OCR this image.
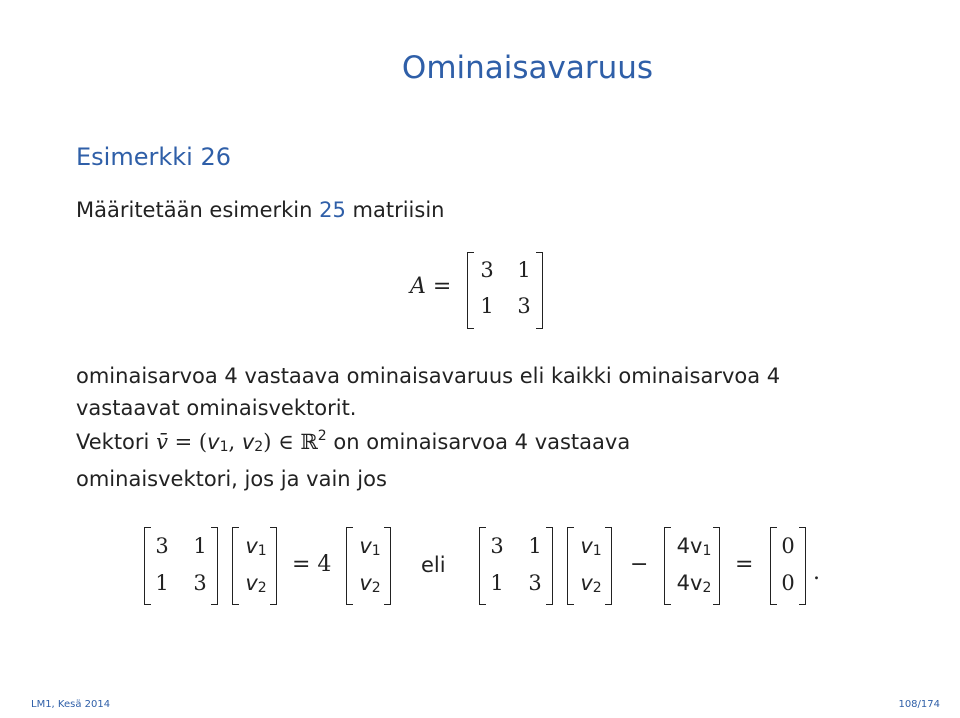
Ominaisavaruus
Esimerkki 26
Määritetään esimerkin 25 matriisin
A =
3 1
1 3
ominaisarvoa 4 vastaava ominaisavaruus eli kaikki ominaisarvoa 4
vastaavat ominaisvektorit.
Vektori v̄ = ($v_1$, $v_2$) ∈ ℝ$^2$ on ominaisarvoa 4 vastaava
ominaisvektori, jos ja vain jos
3 1
1 3
$v_1$
$v_2$
= 4
$v_1$
$v_2$
eli
3 1
1 3
$v_1$
$v_2$
−
$4v_1$
$4v_2$
=
0
0 .
LM1, Kesä 2014	108/174
